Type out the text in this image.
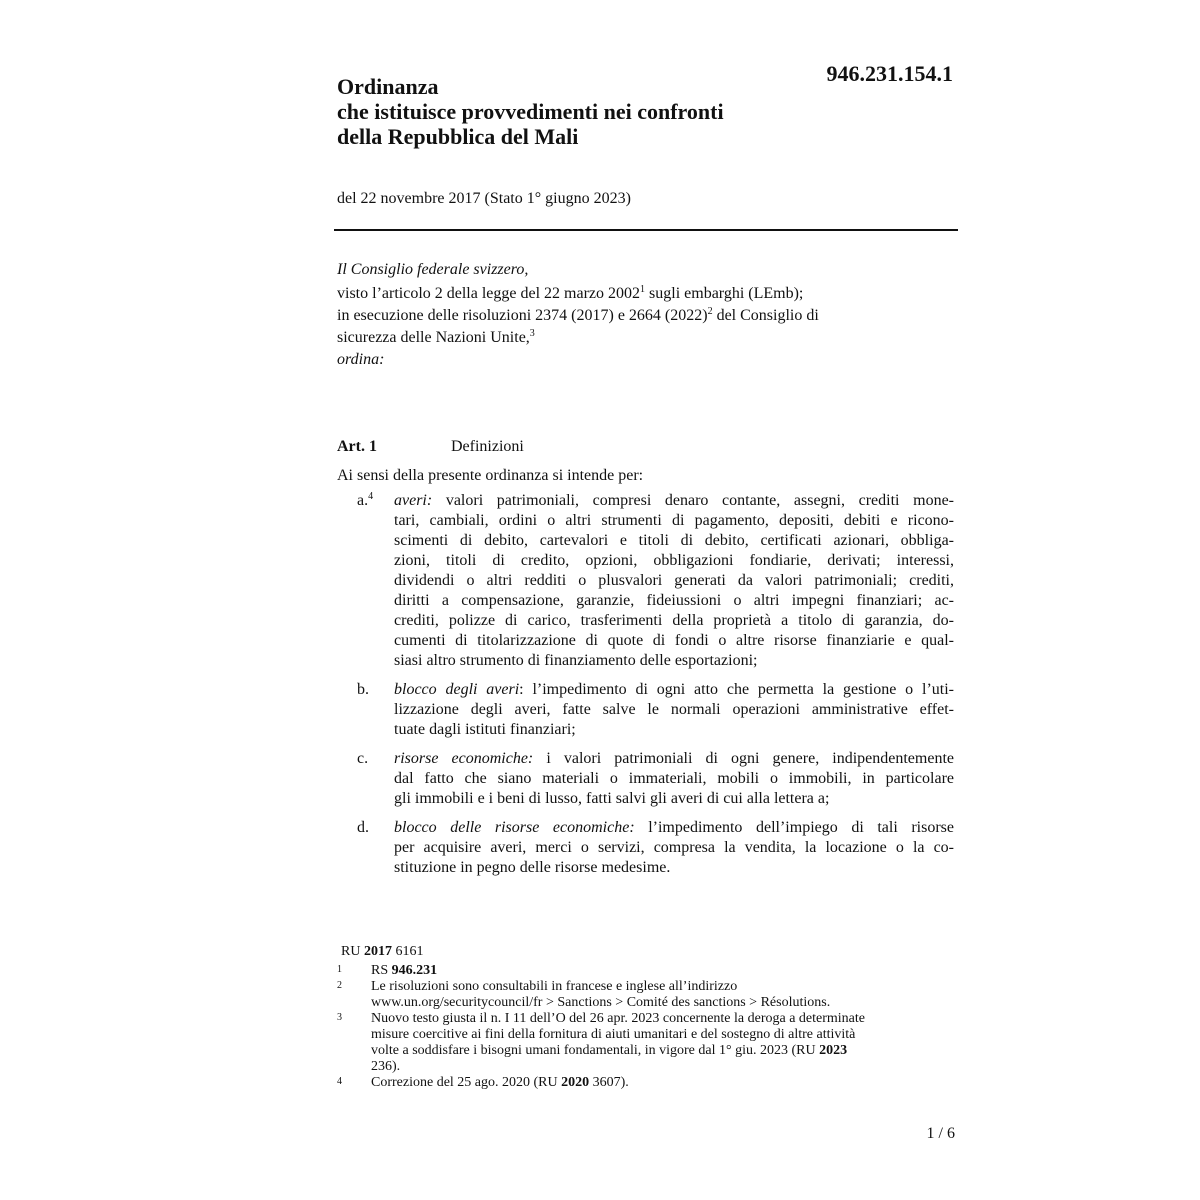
946.231.154.1
Ordinanza
che istituisce provvedimenti nei confronti
della Repubblica del Mali
del 22 novembre 2017 (Stato 1° giugno 2023)
Il Consiglio federale svizzero,
visto l’articolo 2 della legge del 22 marzo 2002$^1$ sugli embarghi (LEmb);
in esecuzione delle risoluzioni 2374 (2017) e 2664 $(2022)^2$ del Consiglio di
sicurezza delle Nazioni Unite,$^3$
ordina:
Art. 1	Definizioni
Ai sensi della presente ordinanza si intende per:
a.$^4$ averi: valori patrimoniali, compresi denaro contante, assegni, crediti mone-
tari, cambiali, ordini o altri strumenti di pagamento, depositi, debiti e ricono-
scimenti di debito, cartevalori e titoli di debito, certificati azionari, obbliga-
zioni, titoli di credito, opzioni, obbligazioni fondiarie, derivati; interessi,
dividendi o altri redditi o plusvalori generati da valori patrimoniali; crediti,
diritti a compensazione, garanzie, fideiussioni o altri impegni finanziari; ac-
crediti, polizze di carico, trasferimenti della proprietà a titolo di garanzia, do-
cumenti di titolarizzazione di quote di fondi o altre risorse finanziarie e qual-
siasi altro strumento di finanziamento delle esportazioni;
b. blocco degli averi: l’impedimento di ogni atto che permetta la gestione o l’uti-
lizzazione degli averi, fatte salve le normali operazioni amministrative effet-
tuate dagli istituti finanziari;
c. risorse economiche: i valori patrimoniali di ogni genere, indipendentemente
dal fatto che siano materiali o immateriali, mobili o immobili, in particolare
gli immobili e i beni di lusso, fatti salvi gli averi di cui alla lettera a;
d. blocco delle risorse economiche: l’impedimento dell’impiego di tali risorse
per acquisire averi, merci o servizi, compresa la vendita, la locazione o la co-
stituzione in pegno delle risorse medesime.
RU 2017 6161
1 RS 946.231
2 Le risoluzioni sono consultabili in francese e inglese all’indirizzo
www.un.org/securitycouncil/fr > Sanctions > Comité des sanctions > Résolutions.
3 Nuovo testo giusta il n. I 11 dell’O del 26 apr. 2023 concernente la deroga a determinate
misure coercitive ai fini della fornitura di aiuti umanitari e del sostegno di altre attività
volte a soddisfare i bisogni umani fondamentali, in vigore dal 1° giu. 2023 (RU 2023
236).
4 Correzione del 25 ago. 2020 (RU 2020 3607).
1 / 6
